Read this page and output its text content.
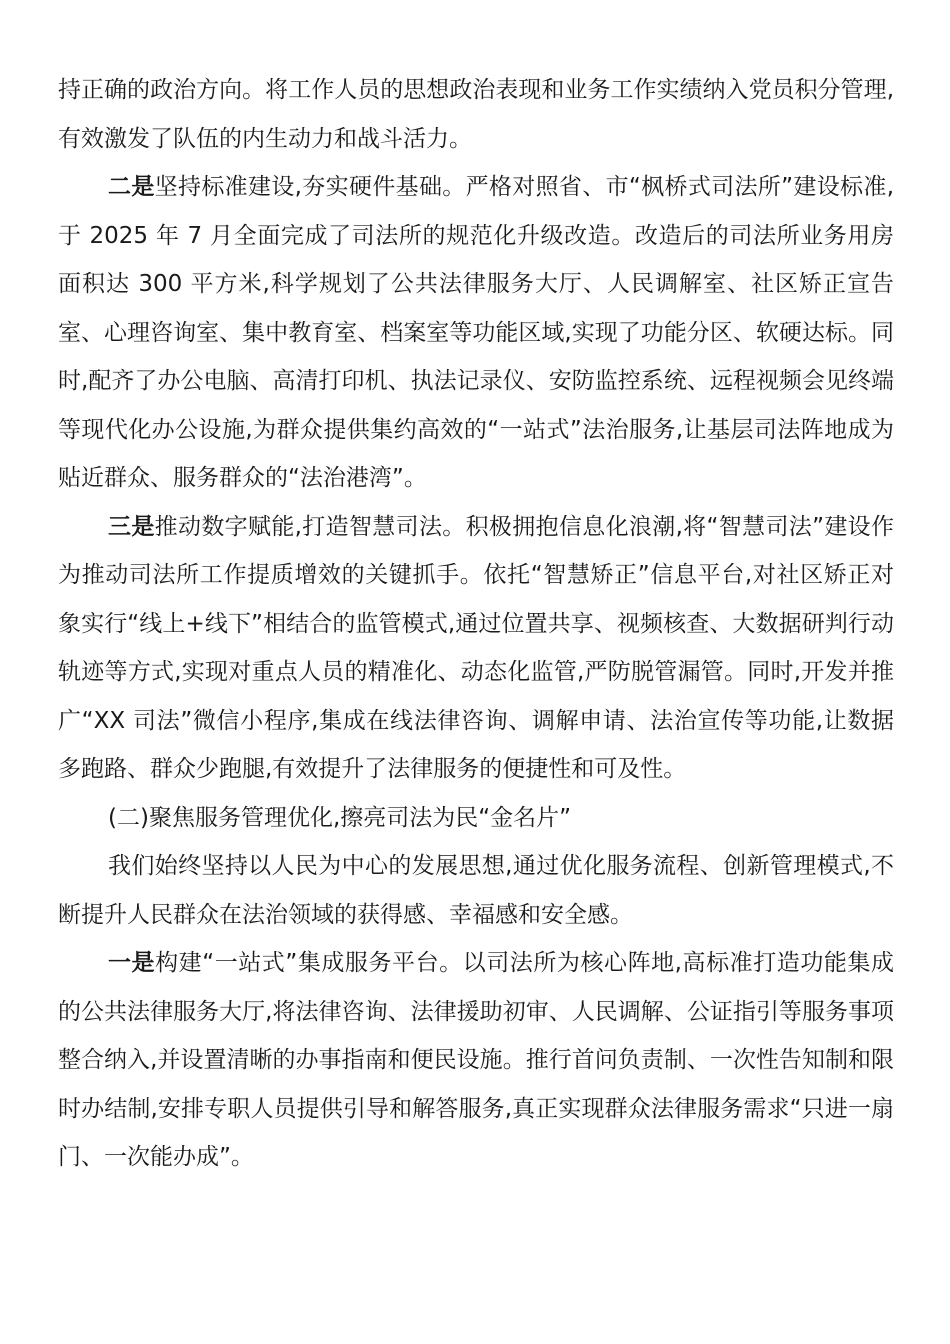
持正确的政治方向。将工作人员的思想政治表现和业务工作实绩纳入党员积分管理,有效激发了队伍的内生动力和战斗活力。

二是坚持标准建设,夯实硬件基础。严格对照省、市“枫桥式司法所”建设标准,于 2025 年 7 月全面完成了司法所的规范化升级改造。改造后的司法所业务用房面积达 300 平方米,科学规划了公共法律服务大厅、人民调解室、社区矫正宣告室、心理咨询室、集中教育室、档案室等功能区域,实现了功能分区、软硬达标。同时,配齐了办公电脑、高清打印机、执法记录仪、安防监控系统、远程视频会见终端等现代化办公设施,为群众提供集约高效的“一站式”法治服务,让基层司法阵地成为贴近群众、服务群众的“法治港湾”。

三是推动数字赋能,打造智慧司法。积极拥抱信息化浪潮,将“智慧司法”建设作为推动司法所工作提质增效的关键抓手。依托“智慧矫正”信息平台,对社区矫正对象实行“线上+线下”相结合的监管模式,通过位置共享、视频核查、大数据研判行动轨迹等方式,实现对重点人员的精准化、动态化监管,严防脱管漏管。同时,开发并推广“XX 司法”微信小程序,集成在线法律咨询、调解申请、法治宣传等功能,让数据多跑路、群众少跑腿,有效提升了法律服务的便捷性和可及性。

(二)聚焦服务管理优化,擦亮司法为民“金名片”

我们始终坚持以人民为中心的发展思想,通过优化服务流程、创新管理模式,不断提升人民群众在法治领域的获得感、幸福感和安全感。

一是构建“一站式”集成服务平台。以司法所为核心阵地,高标准打造功能集成的公共法律服务大厅,将法律咨询、法律援助初审、人民调解、公证指引等服务事项整合纳入,并设置清晰的办事指南和便民设施。推行首问负责制、一次性告知制和限时办结制,安排专职人员提供引导和解答服务,真正实现群众法律服务需求“只进一扇门、一次能办成”。
